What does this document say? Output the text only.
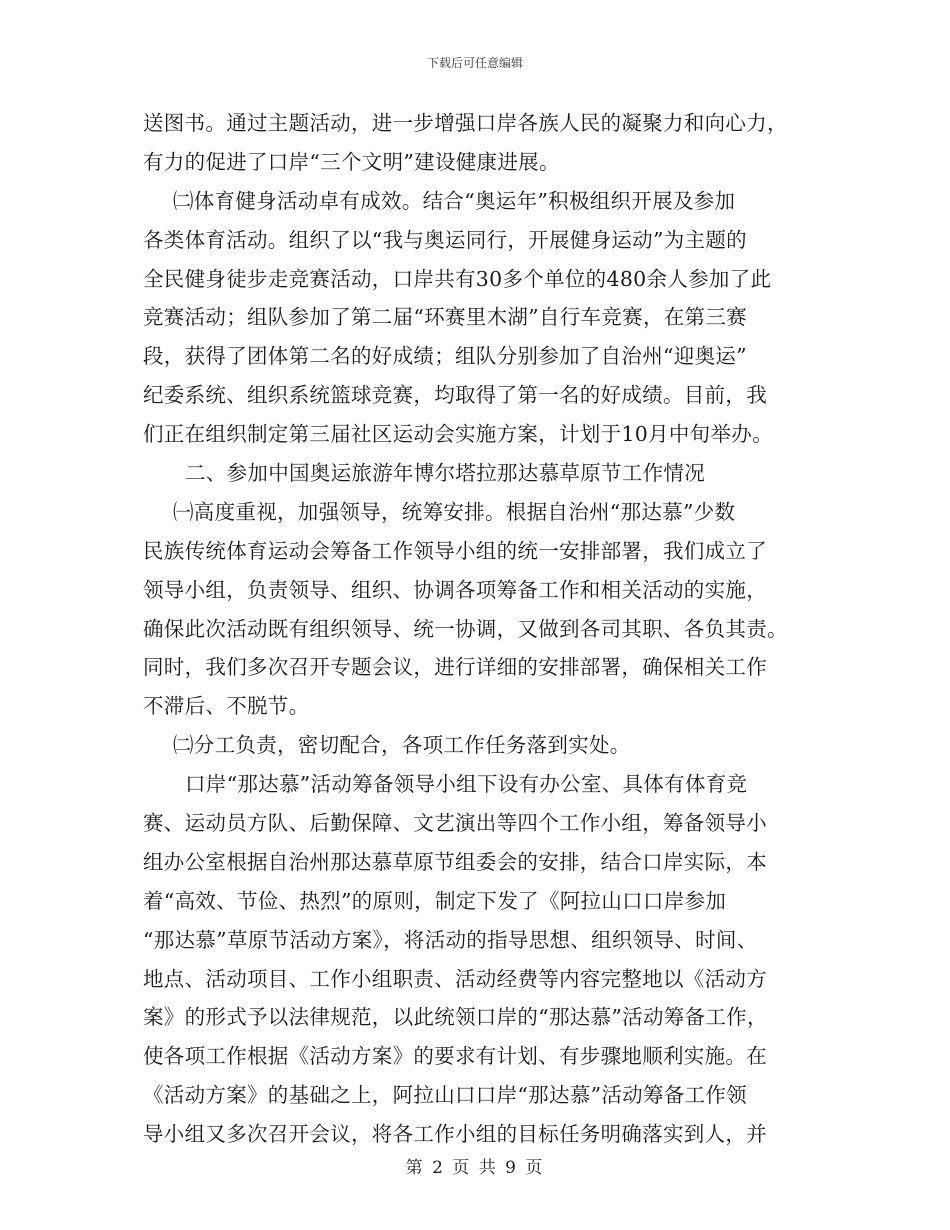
下载后可任意编辑
送图书。通过主题活动，进一步增强口岸各族人民的凝聚力和向心力，
有力的促进了口岸“三个文明”建设健康进展。
㈡体育健身活动卓有成效。结合“奥运年”积极组织开展及参加
各类体育活动。组织了以“我与奥运同行，开展健身运动”为主题的
全民健身徒步走竞赛活动，口岸共有30多个单位的480余人参加了此
竞赛活动；组队参加了第二届“环赛里木湖”自行车竞赛，在第三赛
段，获得了团体第二名的好成绩；组队分别参加了自治州“迎奥运”
纪委系统、组织系统篮球竞赛，均取得了第一名的好成绩。目前，我
们正在组织制定第三届社区运动会实施方案，计划于10月中旬举办。
二、参加中国奥运旅游年博尔塔拉那达慕草原节工作情况
㈠高度重视，加强领导，统筹安排。根据自治州“那达慕”少数
民族传统体育运动会筹备工作领导小组的统一安排部署，我们成立了
领导小组，负责领导、组织、协调各项筹备工作和相关活动的实施，
确保此次活动既有组织领导、统一协调，又做到各司其职、各负其责。
同时，我们多次召开专题会议，进行详细的安排部署，确保相关工作
不滞后、不脱节。
㈡分工负责，密切配合，各项工作任务落到实处。
口岸“那达慕”活动筹备领导小组下设有办公室、具体有体育竞
赛、运动员方队、后勤保障、文艺演出等四个工作小组，筹备领导小
组办公室根据自治州那达慕草原节组委会的安排，结合口岸实际，本
着“高效、节俭、热烈”的原则，制定下发了《阿拉山口口岸参加
“那达慕”草原节活动方案》，将活动的指导思想、组织领导、时间、
地点、活动项目、工作小组职责、活动经费等内容完整地以《活动方
案》的形式予以法律规范，以此统领口岸的“那达慕”活动筹备工作，
使各项工作根据《活动方案》的要求有计划、有步骤地顺利实施。在
《活动方案》的基础之上，阿拉山口口岸“那达慕”活动筹备工作领
导小组又多次召开会议，将各工作小组的目标任务明确落实到人，并
第 2 页 共 9 页
